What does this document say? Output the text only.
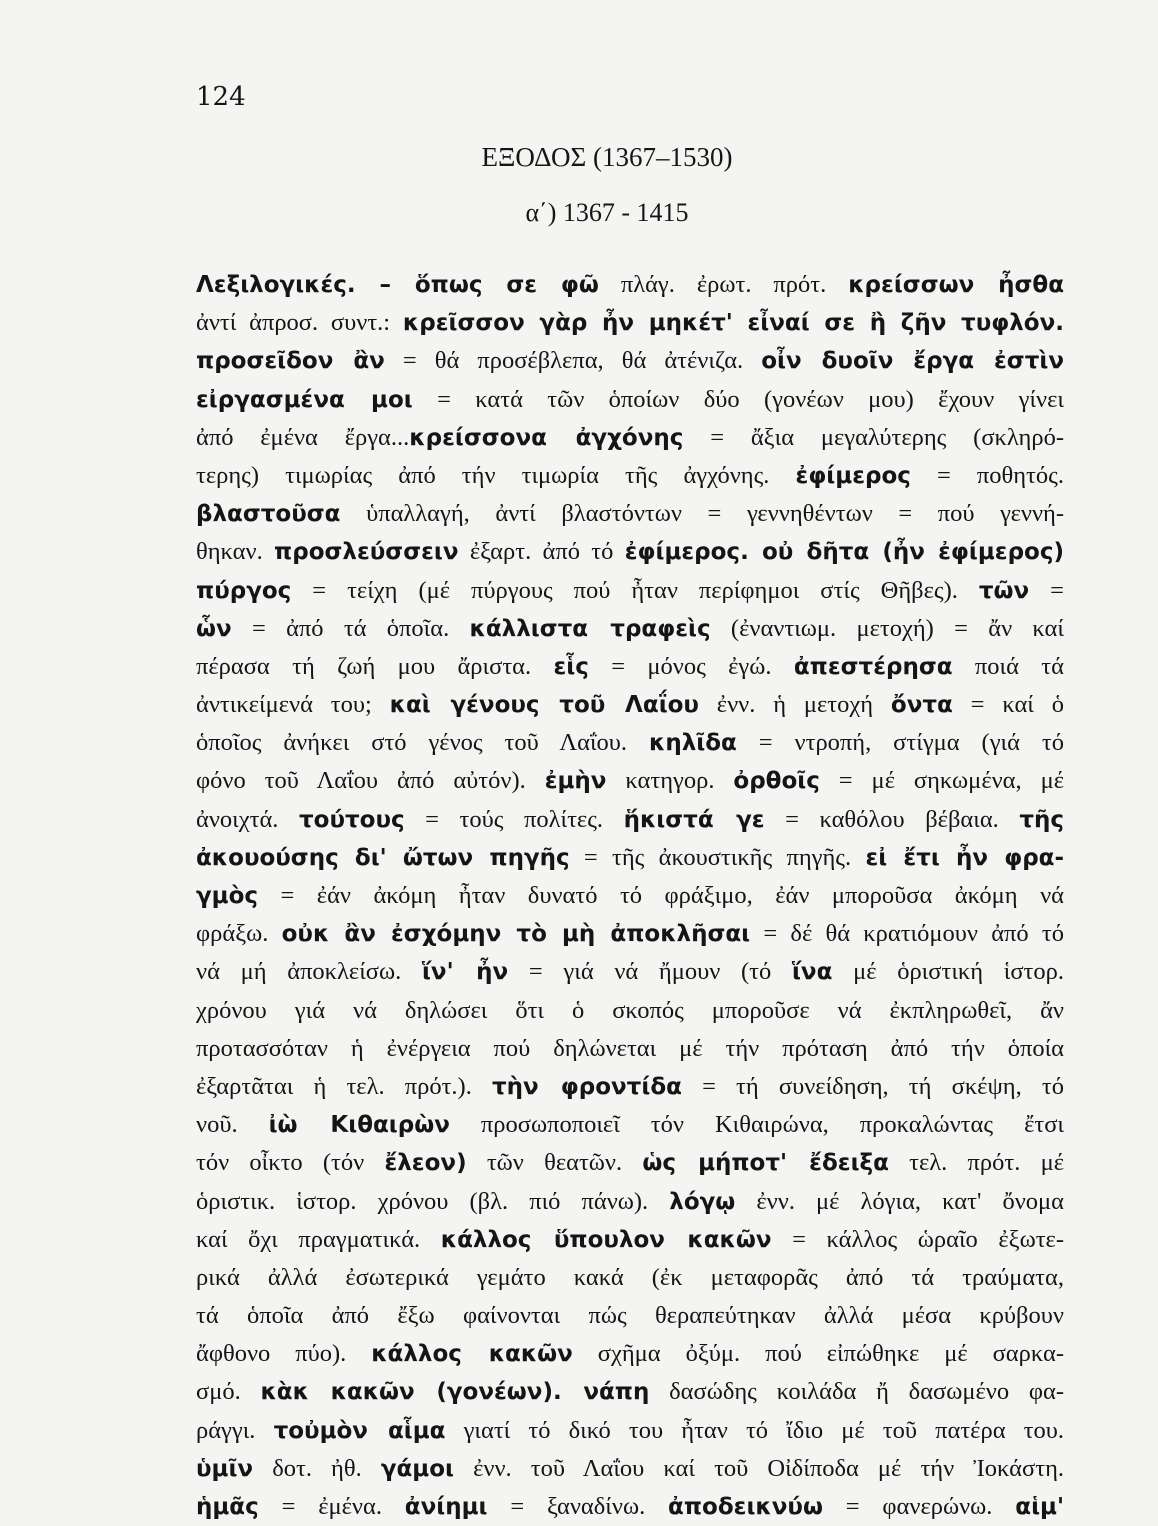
124
ΕΞΟΔΟΣ (1367–1530)
α΄) 1367 - 1415
Λεξιλογικές. – ὅπως σε φῶ πλάγ. ἐρωτ. πρότ. κρείσσων ἦσθα
ἀντί ἀπροσ. συντ.: κρεῖσσον γὰρ ἦν μηκέτ' εἶναί σε ἢ ζῆν τυφλόν.
προσεῖδον ἂν = θά προσέβλεπα, θά ἀτένιζα. οἶν δυοῖν ἔργα ἐστὶν
εἰργασμένα μοι = κατά τῶν ὁποίων δύο (γονέων μου) ἔχουν γίνει
ἀπό ἐμένα ἔργα...κρείσσονα ἀγχόνης = ἄξια μεγαλύτερης (σκληρό-
τερης) τιμωρίας ἀπό τήν τιμωρία τῆς ἀγχόνης. ἐφίμερος = ποθητός.
βλαστοῦσα ὑπαλλαγή, ἀντί βλαστόντων = γεννηθέντων = πού γεννή-
θηκαν. προσλεύσσειν ἐξαρτ. ἀπό τό ἐφίμερος. οὐ δῆτα (ἦν ἐφίμερος)
πύργος = τείχη (μέ πύργους πού ἦταν περίφημοι στίς Θῆβες). τῶν =
ὧν = ἀπό τά ὁποῖα. κάλλιστα τραφεὶς (ἐναντιωμ. μετοχή) = ἄν καί
πέρασα τή ζωή μου ἄριστα. εἷς = μόνος ἐγώ. ἀπεστέρησα ποιά τά
ἀντικείμενά του; καὶ γένους τοῦ Λαΐου ἐνν. ἡ μετοχή ὄντα = καί ὁ
ὁποῖος ἀνήκει στό γένος τοῦ Λαΐου. κηλῖδα = ντροπή, στίγμα (γιά τό
φόνο τοῦ Λαΐου ἀπό αὐτόν). ἐμὴν κατηγορ. ὀρθοῖς = μέ σηκωμένα, μέ
ἀνοιχτά. τούτους = τούς πολίτες. ἥκιστά γε = καθόλου βέβαια. τῆς
ἀκουούσης δι' ὤτων πηγῆς = τῆς ἀκουστικῆς πηγῆς. εἰ ἔτι ἦν φρα-
γμὸς = ἐάν ἀκόμη ἦταν δυνατό τό φράξιμο, ἐάν μποροῦσα ἀκόμη νά
φράξω. οὐκ ἂν ἐσχόμην τὸ μὴ ἀποκλῆσαι = δέ θά κρατιόμουν ἀπό τό
νά μή ἀποκλείσω. ἵν' ἦν = γιά νά ἤμουν (τό ἵνα μέ ὁριστική ἱστορ.
χρόνου γιά νά δηλώσει ὅτι ὁ σκοπός μποροῦσε νά ἐκπληρωθεῖ, ἄν
προτασσόταν ἡ ἐνέργεια πού δηλώνεται μέ τήν πρόταση ἀπό τήν ὁποία
ἐξαρτᾶται ἡ τελ. πρότ.). τὴν φροντίδα = τή συνείδηση, τή σκέψη, τό
νοῦ. ἰὼ Κιθαιρὼν προσωποποιεῖ τόν Κιθαιρώνα, προκαλώντας ἔτσι
τόν οἶκτο (τόν ἔλεον) τῶν θεατῶν. ὡς μήποτ' ἔδειξα τελ. πρότ. μέ
ὁριστικ. ἱστορ. χρόνου (βλ. πιό πάνω). λόγῳ ἐνν. μέ λόγια, κατ' ὄνομα
καί ὄχι πραγματικά. κάλλος ὕπουλον κακῶν = κάλλος ὡραῖο ἐξωτε-
ρικά ἀλλά ἐσωτερικά γεμάτο κακά (ἐκ μεταφορᾶς ἀπό τά τραύματα,
τά ὁποῖα ἀπό ἔξω φαίνονται πώς θεραπεύτηκαν ἀλλά μέσα κρύβουν
ἄφθονο πύο). κάλλος κακῶν σχῆμα ὀξύμ. πού εἰπώθηκε μέ σαρκα-
σμό. κὰκ κακῶν (γονέων). νάπη δασώδης κοιλάδα ἤ δασωμένο φα-
ράγγι. τοὐμὸν αἷμα γιατί τό δικό του ἦταν τό ἴδιο μέ τοῦ πατέρα του.
ὑμῖν δοτ. ἠθ. γάμοι ἐνν. τοῦ Λαΐου καί τοῦ Οἰδίποδα μέ τήν Ἰοκάστη.
ἡμᾶς = ἐμένα. ἀνίημι = ξαναδίνω. ἀποδεικνύω = φανερώνω. αἱμ'
